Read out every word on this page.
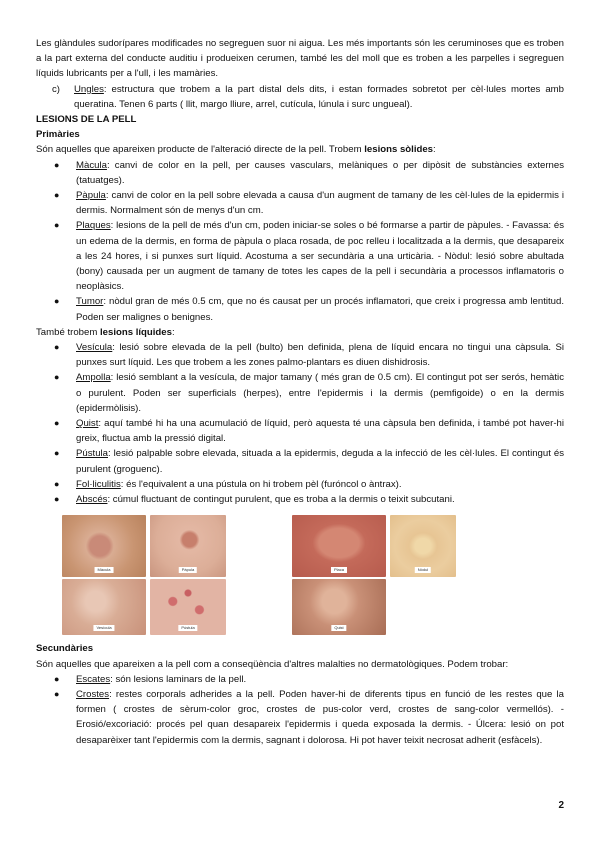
Les glàndules sudorípares modificades no segreguen suor ni aigua. Les més importants són les ceruminoses que es troben a la part externa del conducte auditiu i produeixen cerumen, també les del moll que es troben a les parpelles i segreguen líquids lubricants per a l'ull, i les mamàries.

c)	Ungles: estructura que trobem a la part distal dels dits, i estan formades sobretot per cèl·lules mortes amb queratina. Tenen 6 parts ( llit, margo lliure, arrel, cutícula, lúnula i surc ungueal).

LESIONS DE LA PELL

Primàries

Són aquelles que apareixen producte de l'alteració directe de la pell. Trobem lesions sòlides:

●	Màcula: canvi de color en la pell, per causes vasculars, melàniques o per dipòsit de substàncies externes (tatuatges).
●	Pàpula: canvi de color en la pell sobre elevada a causa d'un augment de tamany de les cèl·lules de la epidermis i dermis. Normalment són de menys d'un cm.
●	Plaques: lesions de la pell de més d'un cm, poden iniciar-se soles o bé formarse a partir de pàpules. - Favassa: és un edema de la dermis, en forma de pàpula o placa rosada, de poc relleu i localitzada a la dermis, que desapareix a les 24 hores, i si punxes surt líquid. Acostuma a ser secundària a una urticària. - Nòdul: lesió sobre abultada (bony) causada per un augment de tamany de totes les capes de la pell i secundària a processos inflamatoris o neoplàsics.
●	Tumor: nòdul gran de més 0.5 cm, que no és causat per un procés inflamatori, que creix i progressa amb lentitud. Poden ser malignes o benignes.

També trobem lesions líquides:

●	Vesícula: lesió sobre elevada de la pell (bulto) ben definida, plena de líquid encara no tingui una càpsula. Si punxes surt líquid. Les que trobem a les zones palmo-plantars es diuen dishidrosis.
●	Ampolla: lesió semblant a la vesícula, de major tamany ( més gran de 0.5 cm). El contingut pot ser serós, hemàtic o purulent. Poden ser superficials (herpes), entre l'epidermis i la dermis (pemfigoide) o en la dermis (epidermòlisis).
●	Quist: aquí també hi ha una acumulació de líquid, però aquesta té una càpsula ben definida, i també pot haver-hi greix, fluctua amb la pressió digital.
●	Pústula: lesió palpable sobre elevada, situada a la epidermis, deguda a la infecció de les cèl·lules. El contingut és purulent (groguenc).
●	Fol·liculitis: és l'equivalent a una pústula on hi trobem pèl (furóncol o àntrax).
●	Abscés: cúmul fluctuant de contingut purulent, que es troba a la dermis o teixit subcutani.
Màcula	Pàpula	Placa	Nòdul
Vesícula	Pústula	Quist

Secundàries

Són aquelles que apareixen a la pell com a conseqüència d'altres malalties no dermatològiques. Podem trobar:

●	Escates: són lesions laminars de la pell.
●	Crostes: restes corporals adherides a la pell. Poden haver-hi de diferents tipus en funció de les restes que la formen ( crostes de sèrum-color groc, crostes de pus-color verd, crostes de sang-color vermellós). - Erosió/excoriació: procés pel quan desapareix l'epidermis i queda exposada la dermis. - Úlcera: lesió on pot desaparèixer tant l'epidermis com la dermis, sagnant i dolorosa. Hi pot haver teixit necrosat adherit (esfàcels).
2
